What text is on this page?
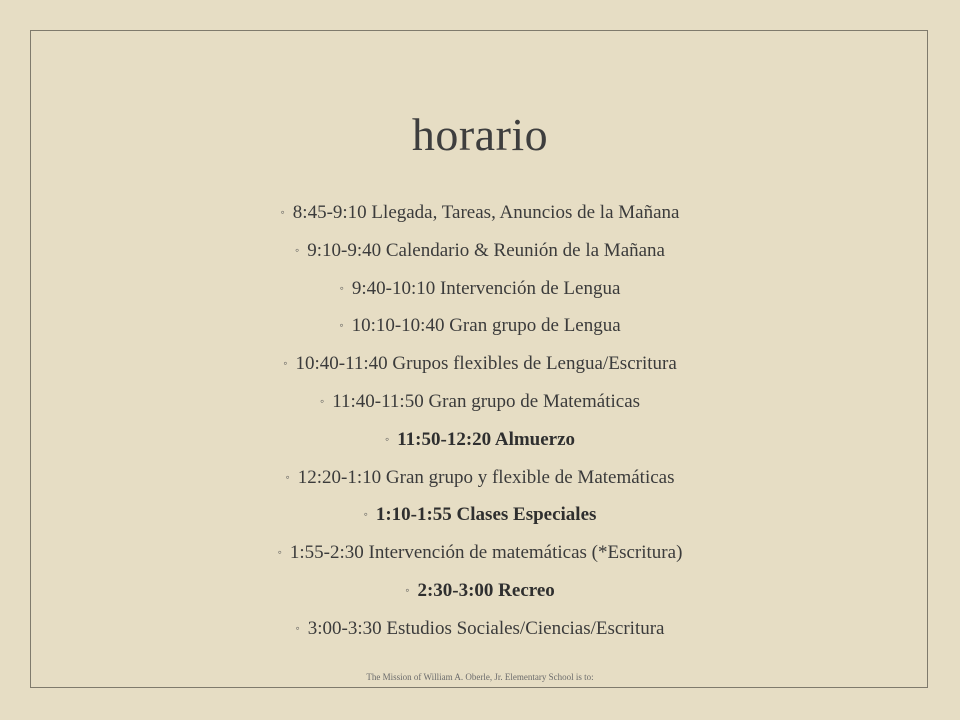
horario
◦ 8:45-9:10 Llegada, Tareas, Anuncios de la Mañana
◦ 9:10-9:40 Calendario & Reunión de la Mañana
◦ 9:40-10:10 Intervención de Lengua
◦ 10:10-10:40 Gran grupo de Lengua
◦ 10:40-11:40 Grupos flexibles de Lengua/Escritura
◦ 11:40-11:50 Gran grupo de Matemáticas
◦ 11:50-12:20 Almuerzo
◦ 12:20-1:10 Gran grupo y flexible de Matemáticas
◦ 1:10-1:55 Clases Especiales
◦ 1:55-2:30 Intervención de matemáticas (*Escritura)
◦ 2:30-3:00 Recreo
◦ 3:00-3:30 Estudios Sociales/Ciencias/Escritura
The Mission of William A. Oberle, Jr. Elementary School is to:
